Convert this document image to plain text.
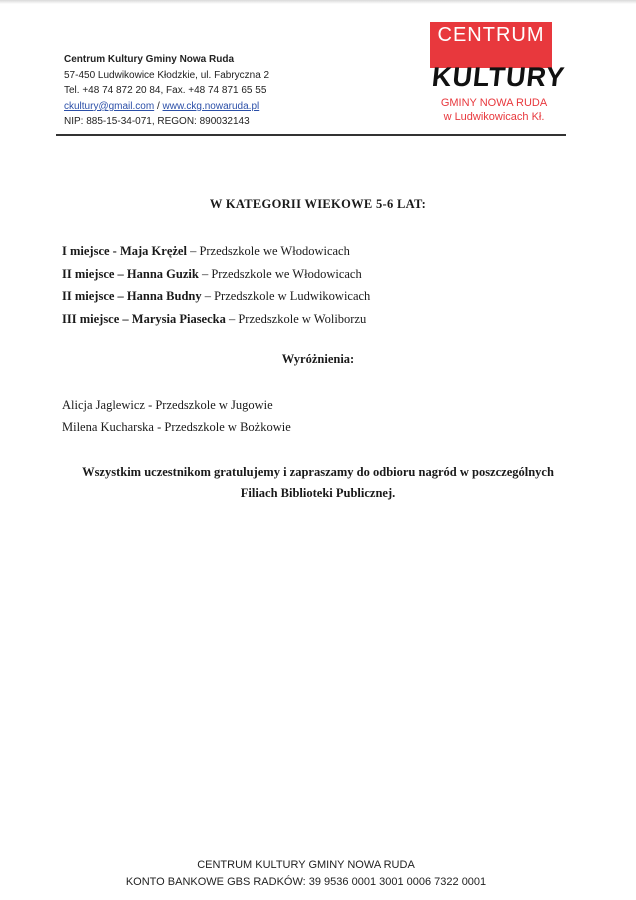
Centrum Kultury Gminy Nowa Ruda
57-450 Ludwikowice Kłodzkie, ul. Fabryczna 2
Tel. +48 74 872 20 84, Fax. +48 74 871 65 55
ckultury@gmail.com / www.ckg.nowaruda.pl
NIP: 885-15-34-071, REGON: 890032143
CENTRUM
KULTURY
GMINY NOWA RUDA
w Ludwikowicach Kł.
W KATEGORII WIEKOWE 5-6 LAT:
I miejsce - Maja Krężel – Przedszkole we Włodowicach
II miejsce – Hanna Guzik – Przedszkole we Włodowicach
II miejsce – Hanna Budny – Przedszkole w Ludwikowicach
III miejsce – Marysia Piasecka – Przedszkole w Woliborzu
Wyróżnienia:
Alicja Jaglewicz - Przedszkole w Jugowie
Milena Kucharska - Przedszkole w Bożkowie
Wszystkim uczestnikom gratulujemy i zapraszamy do odbioru nagród w poszczególnych
Filiach Biblioteki Publicznej.
CENTRUM KULTURY GMINY NOWA RUDA
KONTO BANKOWE GBS RADKÓW: 39 9536 0001 3001 0006 7322 0001
